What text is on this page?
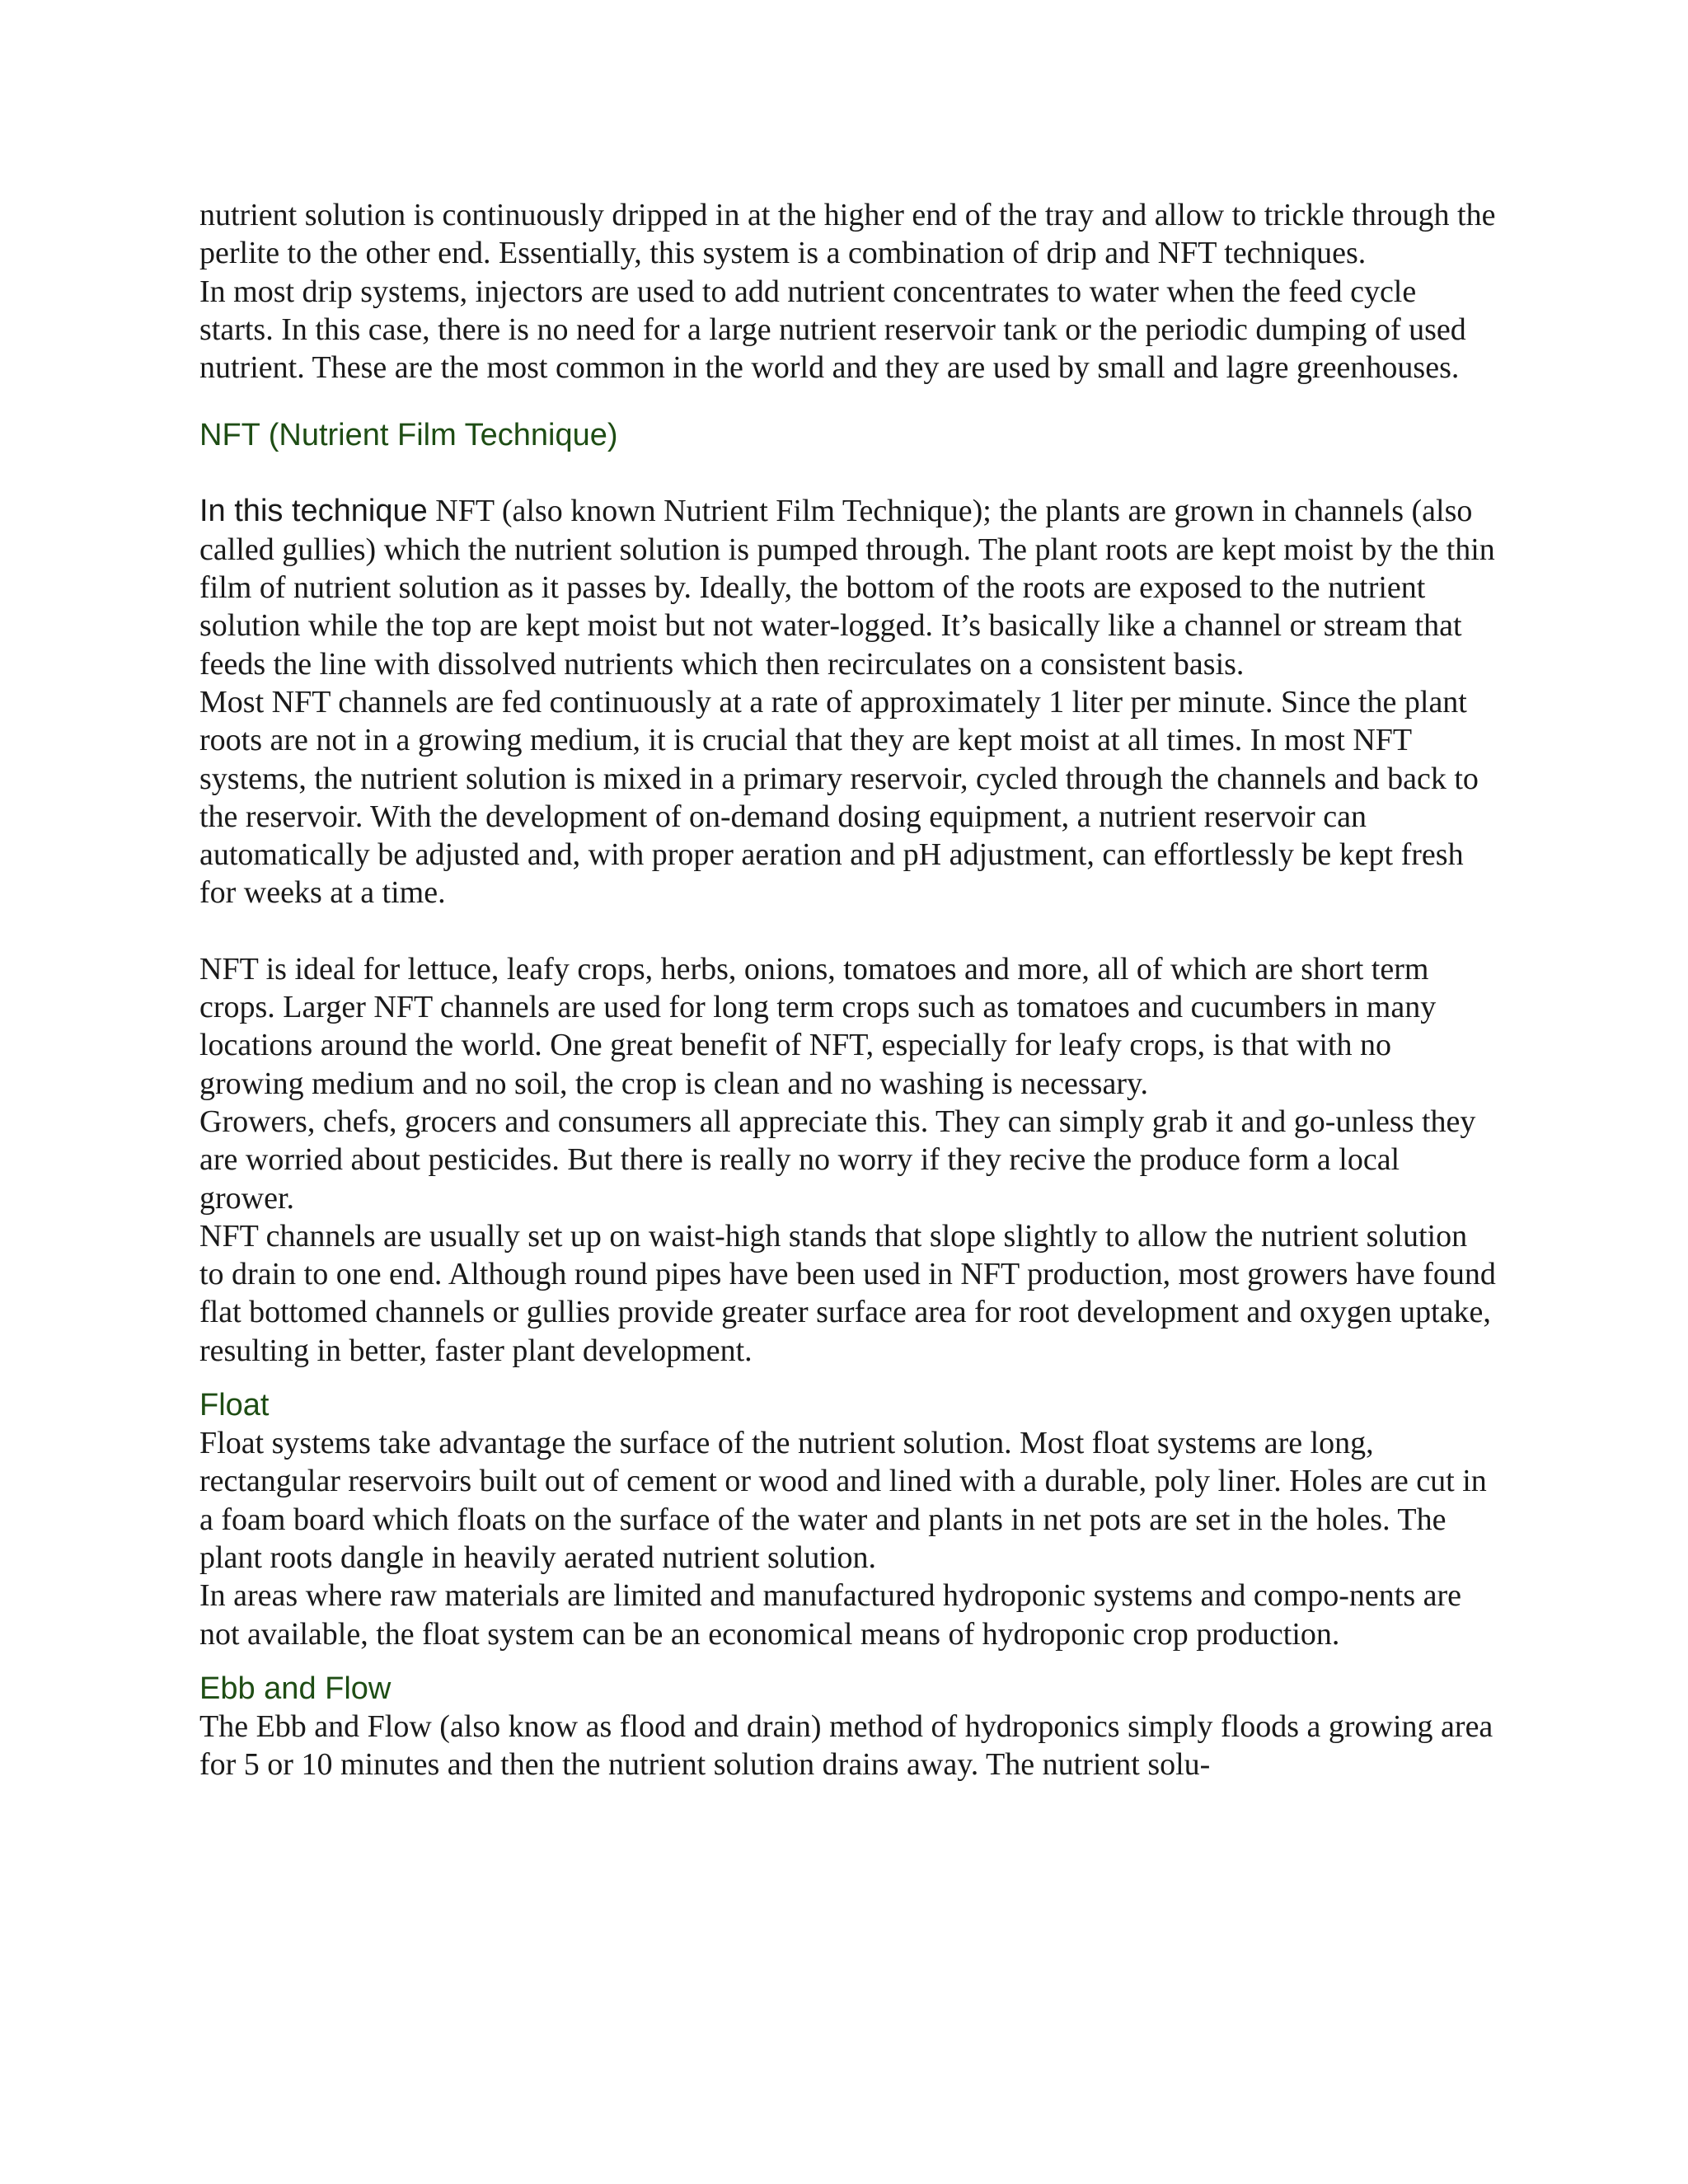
nutrient solution is continuously dripped in at the higher end of the tray and allow to trickle through the perlite to the other end. Essentially, this system is a combination of drip and NFT techniques.

In most drip systems, injectors are used to add nutrient concentrates to water when the feed cycle starts. In this case, there is no need for a large nutrient reservoir tank or the periodic dumping of used nutrient. These are the most common in the world and they are used by small and lagre greenhouses.

NFT (Nutrient Film Technique)

In this technique NFT (also known Nutrient Film Technique); the plants are grown in channels (also called gullies) which the nutrient solution is pumped through. The plant roots are kept moist by the thin film of nutrient solution as it passes by. Ideally, the bottom of the roots are exposed to the nutrient solution while the top are kept moist but not water-logged. It’s basically like a channel or stream that feeds the line with dissolved nutrients which then recirculates on a consistent basis.

Most NFT channels are fed continuously at a rate of approximately 1 liter per minute. Since the plant roots are not in a growing medium, it is crucial that they are kept moist at all times. In most NFT systems, the nutrient solution is mixed in a primary reservoir, cycled through the channels and back to the reservoir. With the development of on-demand dosing equipment, a nutrient reservoir can automatically be adjusted and, with proper aeration and pH adjustment, can effortlessly be kept fresh for weeks at a time.

NFT is ideal for lettuce, leafy crops, herbs, onions, tomatoes and more, all of which are short term crops. Larger NFT channels are used for long term crops such as tomatoes and cucumbers in many locations around the world. One great benefit of NFT, especially for leafy crops, is that with no growing medium and no soil, the crop is clean and no washing is necessary.

Growers, chefs, grocers and consumers all appreciate this. They can simply grab it and go-unless they are worried about pesticides. But there is really no worry if they recive the produce form a local grower.

NFT channels are usually set up on waist-high stands that slope slightly to allow the nutrient solution to drain to one end. Although round pipes have been used in NFT production, most growers have found flat bottomed channels or gullies provide greater surface area for root development and oxygen uptake, resulting in better, faster plant development.

Float

Float systems take advantage the surface of the nutrient solution. Most float systems are long, rectangular reservoirs built out of cement or wood and lined with a durable, poly liner. Holes are cut in a foam board which floats on the surface of the water and plants in net pots are set in the holes. The plant roots dangle in heavily aerated nutrient solution.

In areas where raw materials are limited and manufactured hydroponic systems and compo-nents are not available, the float system can be an economical means of hydroponic crop production.

Ebb and Flow

The Ebb and Flow (also know as flood and drain) method of hydroponics simply floods a growing area for 5 or 10 minutes and then the nutrient solution drains away. The nutrient solu-
